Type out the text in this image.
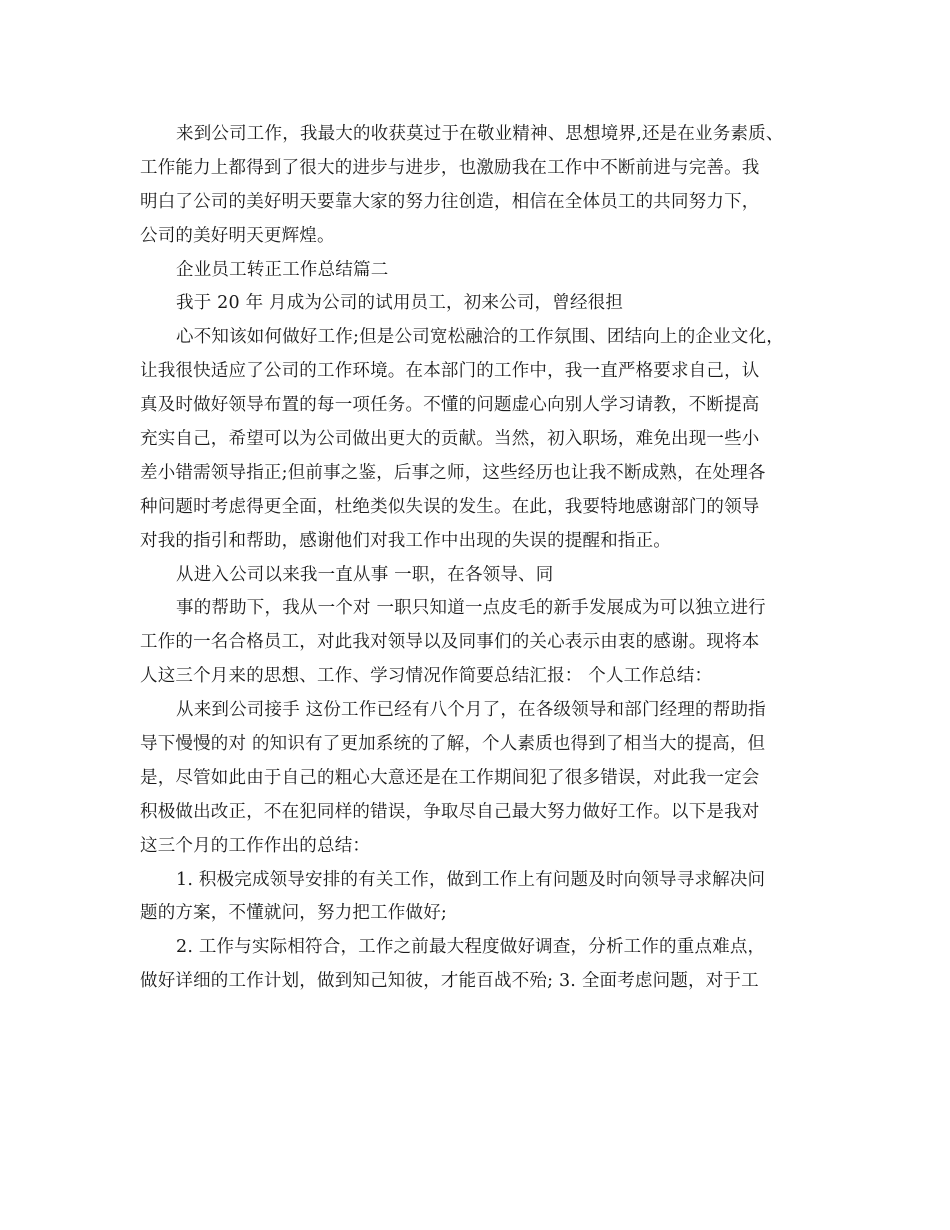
来到公司工作，我最大的收获莫过于在敬业精神、思想境界,还是在业务素质、
工作能力上都得到了很大的进步与进步，也激励我在工作中不断前进与完善。我
明白了公司的美好明天要靠大家的努力往创造，相信在全体员工的共同努力下，
公司的美好明天更辉煌。
企业员工转正工作总结篇二
我于 20 年 月成为公司的试用员工，初来公司，曾经很担
心不知该如何做好工作;但是公司宽松融洽的工作氛围、团结向上的企业文化，
让我很快适应了公司的工作环境。在本部门的工作中，我一直严格要求自己，认
真及时做好领导布置的每一项任务。不懂的问题虚心向别人学习请教，不断提高
充实自己，希望可以为公司做出更大的贡献。当然，初入职场，难免出现一些小
差小错需领导指正;但前事之鉴，后事之师，这些经历也让我不断成熟，在处理各
种问题时考虑得更全面，杜绝类似失误的发生。在此，我要特地感谢部门的领导
对我的指引和帮助，感谢他们对我工作中出现的失误的提醒和指正。
从进入公司以来我一直从事 一职，在各领导、同
事的帮助下，我从一个对 一职只知道一点皮毛的新手发展成为可以独立进行
工作的一名合格员工，对此我对领导以及同事们的关心表示由衷的感谢。现将本
人这三个月来的思想、工作、学习情况作简要总结汇报： 个人工作总结：
从来到公司接手 这份工作已经有八个月了，在各级领导和部门经理的帮助指
导下慢慢的对 的知识有了更加系统的了解，个人素质也得到了相当大的提高，但
是，尽管如此由于自己的粗心大意还是在工作期间犯了很多错误，对此我一定会
积极做出改正，不在犯同样的错误，争取尽自己最大努力做好工作。以下是我对
这三个月的工作作出的总结：
1. 积极完成领导安排的有关工作，做到工作上有问题及时向领导寻求解决问
题的方案，不懂就问，努力把工作做好;
2. 工作与实际相符合，工作之前最大程度做好调查，分析工作的重点难点，
做好详细的工作计划，做到知己知彼，才能百战不殆; 3. 全面考虑问题，对于工
